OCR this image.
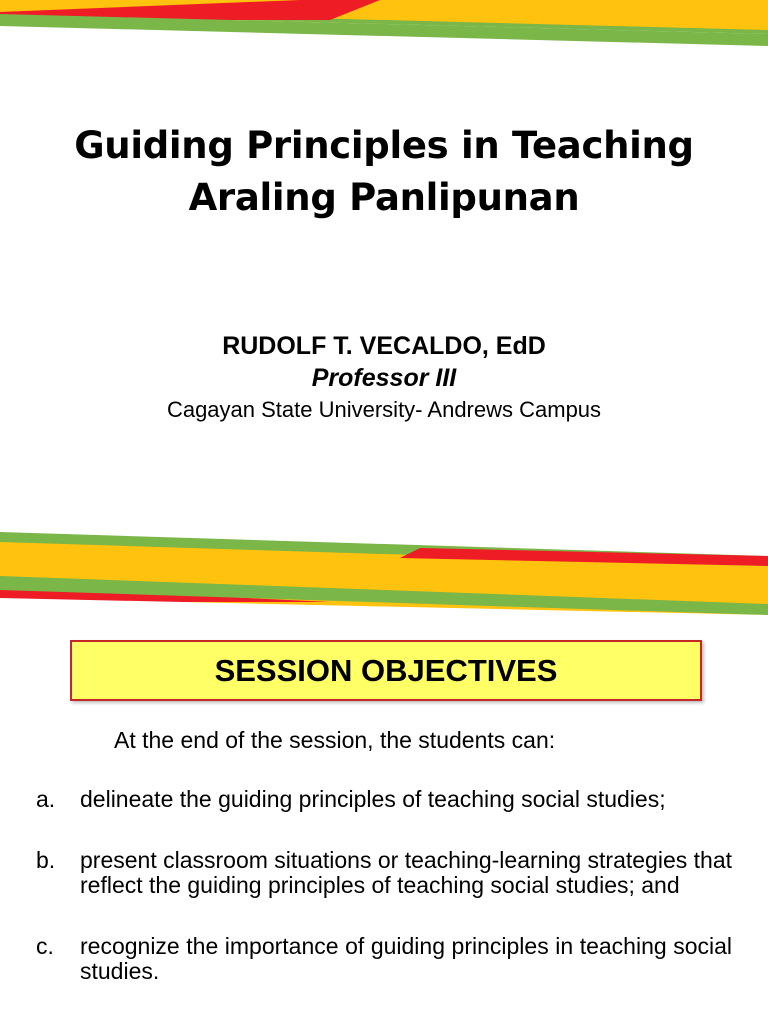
Guiding Principles in Teaching
Araling Panlipunan
RUDOLF T. VECALDO, EdD
Professor III
Cagayan State University- Andrews Campus
SESSION OBJECTIVES
At the end of the session, the students can:
a.	delineate the guiding principles of teaching social studies;
b.	present classroom situations or teaching-learning strategies that reflect the guiding principles of teaching social studies; and
c.	recognize the importance of guiding principles in teaching social studies.
